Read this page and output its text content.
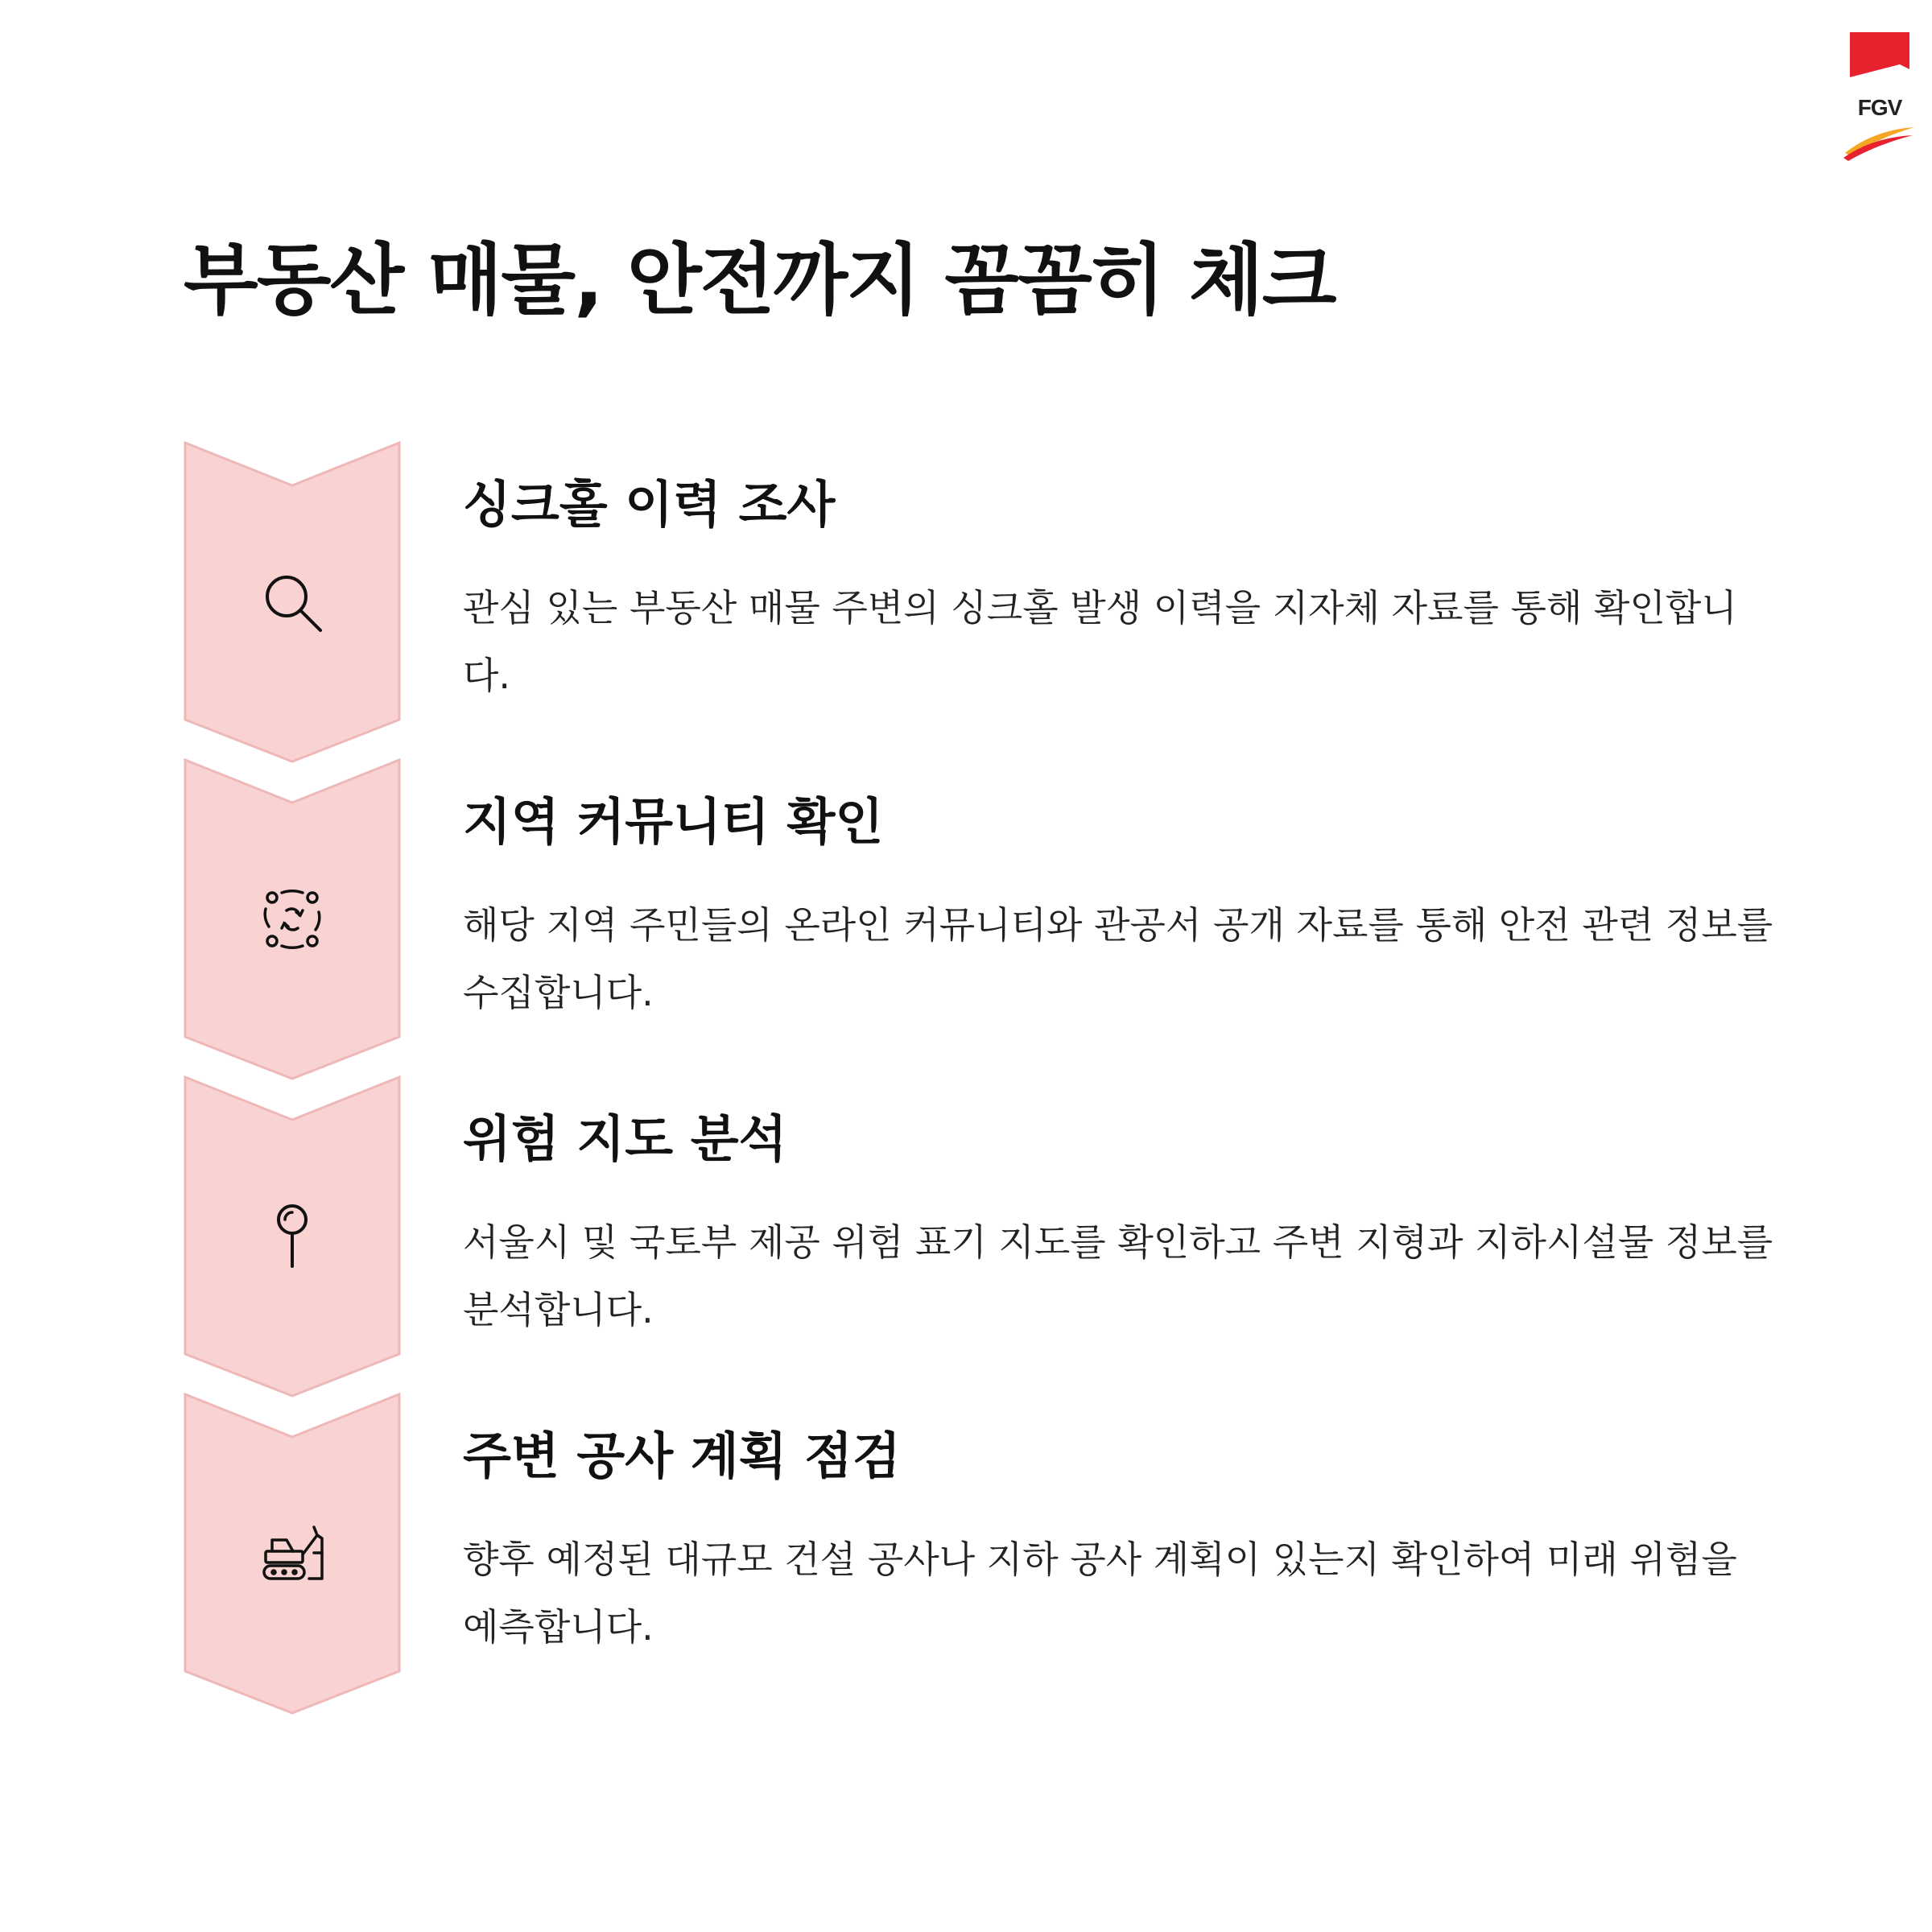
FGV
부동산 매물, 안전까지 꼼꼼히 체크
싱크홀 이력 조사

관심 있는 부동산 매물 주변의 싱크홀 발생 이력을 지자체 자료를 통해 확인합니다.

지역 커뮤니티 확인

해당 지역 주민들의 온라인 커뮤니티와 관공서 공개 자료를 통해 안전 관련 정보를 수집합니다.

위험 지도 분석

서울시 및 국토부 제공 위험 표기 지도를 확인하고 주변 지형과 지하시설물 정보를 분석합니다.

주변 공사 계획 점검

향후 예정된 대규모 건설 공사나 지하 공사 계획이 있는지 확인하여 미래 위험을 예측합니다.
